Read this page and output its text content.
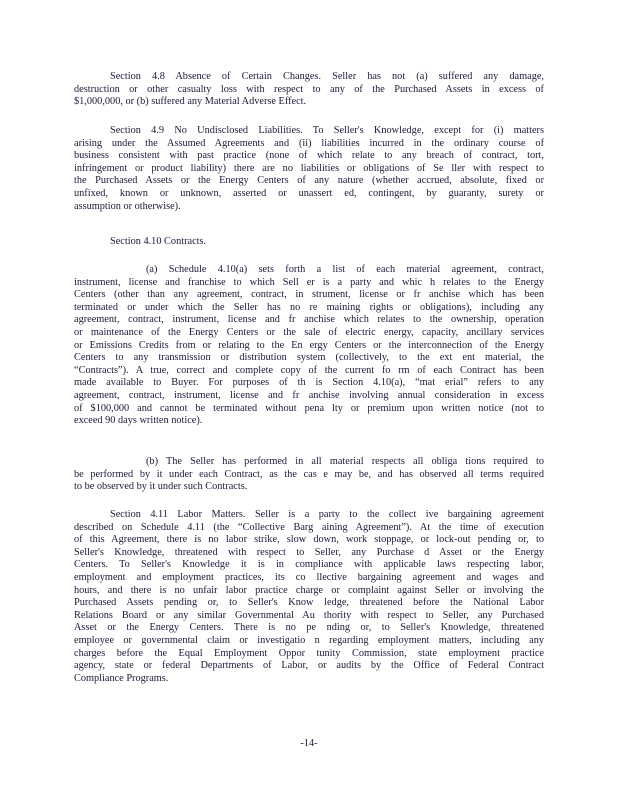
Section 4.8 Absence of Certain Changes. Seller has not (a) suffered any damage,
destruction or other casualty loss with respect to any of the Purchased Assets in excess of
$1,000,000, or (b) suffered any Material Adverse Effect.
Section 4.9 No Undisclosed Liabilities. To Seller's Knowledge, except for (i) matters
arising under the Assumed Agreements and (ii) liabilities incurred in the ordinary course of
business consistent with past practice (none of which relate to any breach of contract, tort,
infringement or product liability) there are no liabilities or obligations of Se ller with respect to
the Purchased Assets or the Energy Centers of any nature (whether accrued, absolute, fixed or
unfixed, known or unknown, asserted or unassert ed, contingent, by guaranty, surety or
assumption or otherwise).
Section 4.10 Contracts.
(a) Schedule 4.10(a) sets forth a list of each material agreement, contract,
instrument, license and franchise to which Sell er is a party and whic h relates to the Energy
Centers (other than any agreement, contract, in strument, license or fr anchise which has been
terminated or under which the Seller has no re maining rights or obligations), including any
agreement, contract, instrument, license and fr anchise which relates to the ownership, operation
or maintenance of the Energy Centers or the sale of electric energy, capacity, ancillary services
or Emissions Credits from or relating to the En ergy Centers or the interconnection of the Energy
Centers to any transmission or distribution system (collectively, to the ext ent material, the
“Contracts”). A true, correct and complete copy of the current fo rm of each Contract has been
made available to Buyer. For purposes of th is Section 4.10(a), “mat erial” refers to any
agreement, contract, instrument, license and fr anchise involving annual consideration in excess
of $100,000 and cannot be terminated without pena lty or premium upon written notice (not to
exceed 90 days written notice).
(b) The Seller has performed in all material respects all obliga tions required to
be performed by it under each Contract, as the cas e may be, and has observed all terms required
to be observed by it under such Contracts.
Section 4.11 Labor Matters. Seller is a party to the collect ive bargaining agreement
described on Schedule 4.11 (the “Collective Barg aining Agreement”). At the time of execution
of this Agreement, there is no labor strike, slow down, work stoppage, or lock-out pending or, to
Seller's Knowledge, threatened with respect to Seller, any Purchase d Asset or the Energy
Centers. To Seller's Knowledge it is in compliance with applicable laws respecting labor,
employment and employment practices, its co llective bargaining agreement and wages and
hours, and there is no unfair labor practice charge or complaint against Seller or involving the
Purchased Assets pending or, to Seller's Know ledge, threatened before the National Labor
Relations Board or any similar Governmental Au thority with respect to Seller, any Purchased
Asset or the Energy Centers. There is no pe nding or, to Seller's Knowledge, threatened
employee or governmental claim or investigatio n regarding employment matters, including any
charges before the Equal Employment Oppor tunity Commission, state employment practice
agency, state or federal Departments of Labor, or audits by the Office of Federal Contract
Compliance Programs.
-14-
